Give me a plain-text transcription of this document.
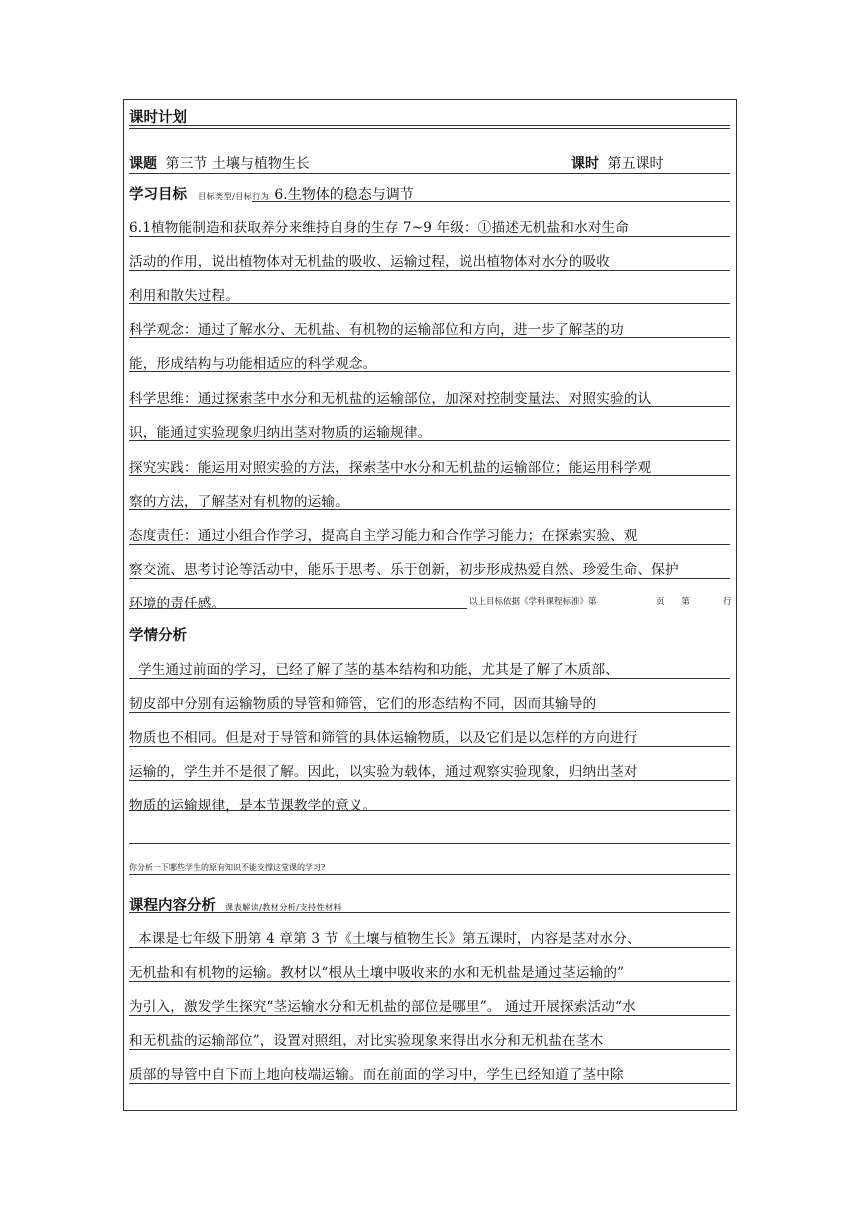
课时计划
课题 第三节 土壤与植物生长	课时 第五课时
学习目标 目标类型/目标行为 6.生物体的稳态与调节
6.1植物能制造和获取养分来维持自身的生存 7~9 年级：①描述无机盐和水对生命
活动的作用，说出植物体对无机盐的吸收、运输过程，说出植物体对水分的吸收
利用和散失过程。
科学观念：通过了解水分、无机盐、有机物的运输部位和方向，进一步了解茎的功
能，形成结构与功能相适应的科学观念。
科学思维：通过探索茎中水分和无机盐的运输部位，加深对控制变量法、对照实验的认
识，能通过实验现象归纳出茎对物质的运输规律。
探究实践：能运用对照实验的方法，探索茎中水分和无机盐的运输部位；能运用科学观
察的方法，了解茎对有机物的运输。
态度责任：通过小组合作学习，提高自主学习能力和合作学习能力；在探索实验、观
察交流、思考讨论等活动中，能乐于思考、乐于创新，初步形成热爱自然、珍爱生命、保护
环境的责任感。	以上目标依据《学科课程标准》第	页 第	行
学情分析
学生通过前面的学习，已经了解了茎的基本结构和功能，尤其是了解了木质部、
韧皮部中分别有运输物质的导管和筛管，它们的形态结构不同，因而其输导的
物质也不相同。但是对于导管和筛管的具体运输物质，以及它们是以怎样的方向进行
运输的，学生并不是很了解。因此，以实验为载体，通过观察实验现象，归纳出茎对
物质的运输规律，是本节课教学的意义。
你分析一下哪些学生的原有知识不能支撑这堂课的学习?
课程内容分析 课表解读/教材分析/支持性材料
本课是七年级下册第 4 章第 3 节《土壤与植物生长》第五课时，内容是茎对水分、
无机盐和有机物的运输。教材以“根从土壤中吸收来的水和无机盐是通过茎运输的”
为引入，激发学生探究“茎运输水分和无机盐的部位是哪里”。 通过开展探索活动“水
和无机盐的运输部位”，设置对照组，对比实验现象来得出水分和无机盐在茎木
质部的导管中自下而上地向枝端运输。而在前面的学习中，学生已经知道了茎中除
